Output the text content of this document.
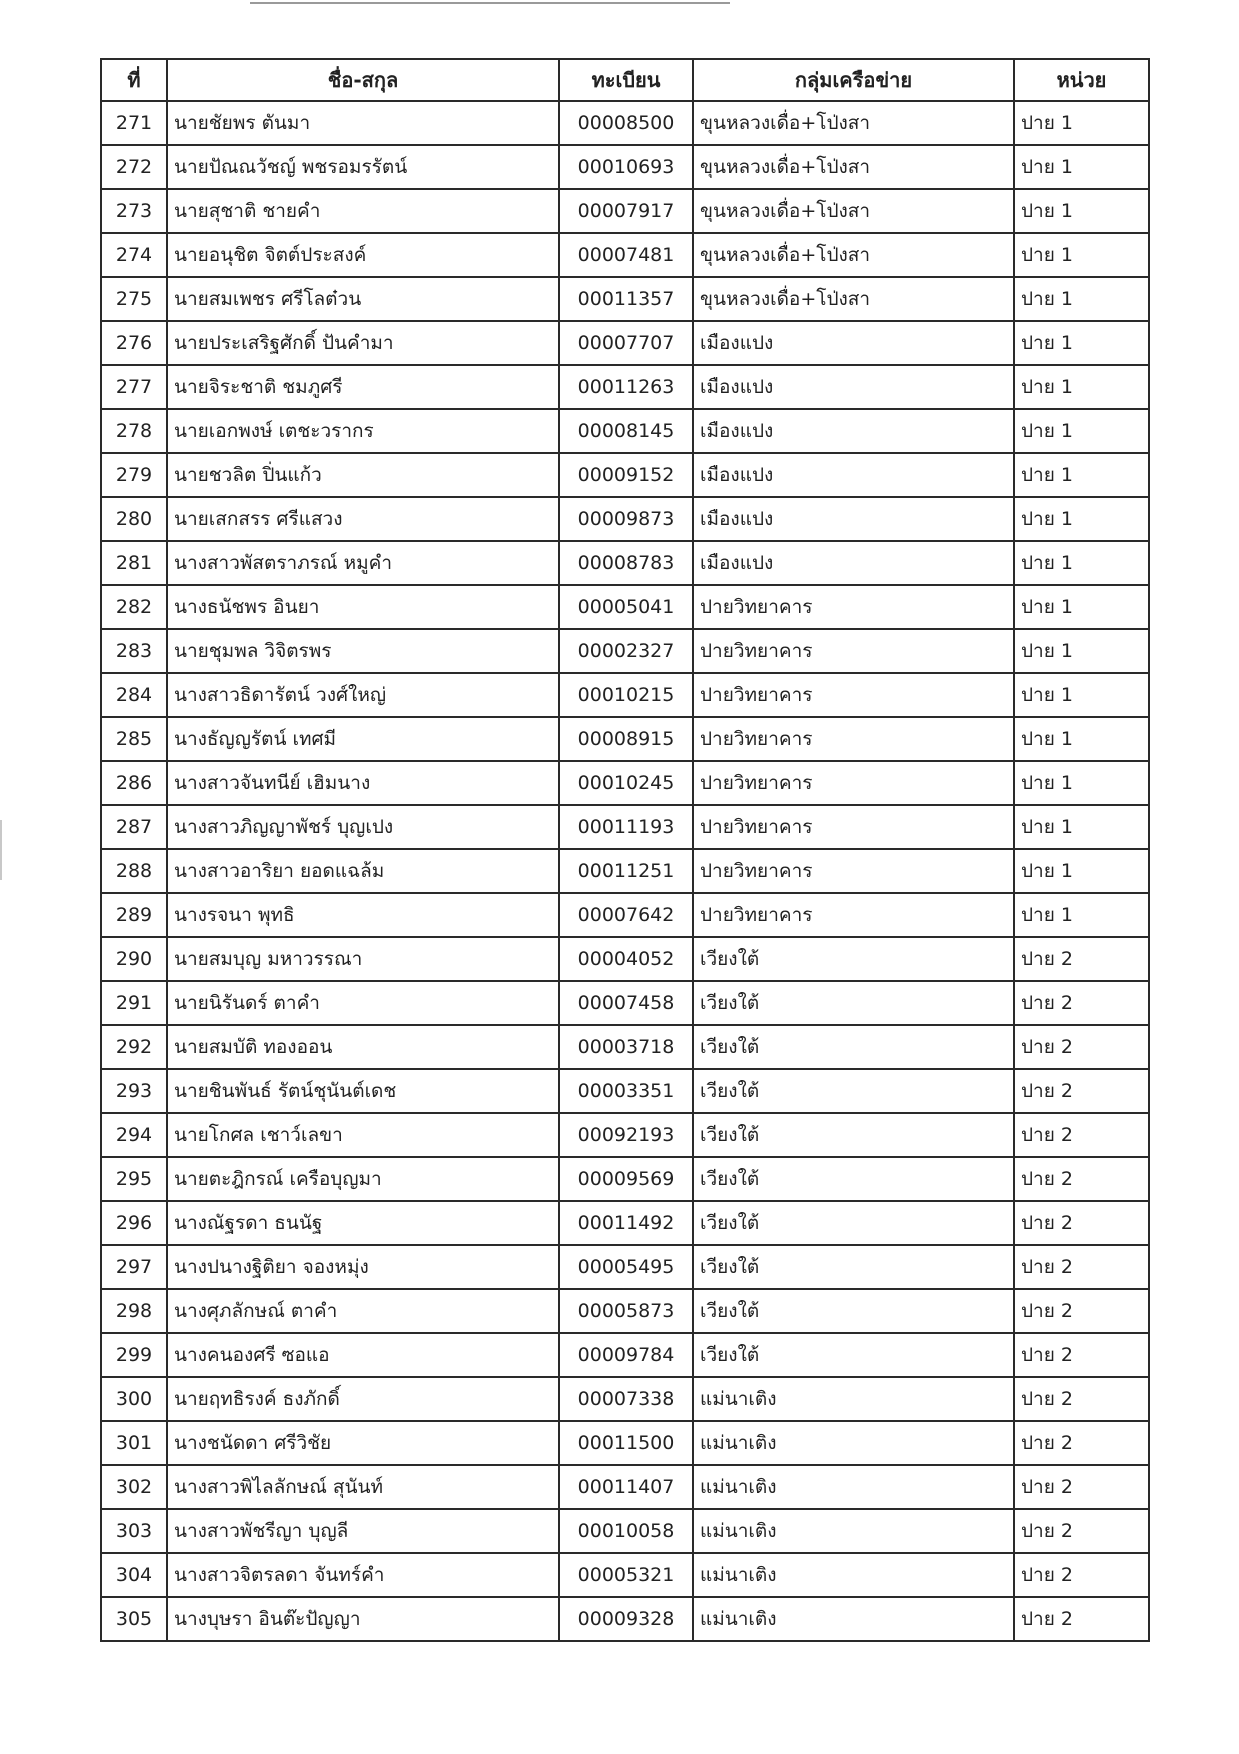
ที่	ชื่อ-สกุล	ทะเบียน	กลุ่มเครือข่าย	หน่วย
271	นายชัยพร ตันมา	00008500	ขุนหลวงเดื่อ+โป่งสา	ปาย 1
272	นายปัณณวัชญ์ พชรอมรรัตน์	00010693	ขุนหลวงเดื่อ+โป่งสา	ปาย 1
273	นายสุชาติ ชายคำ	00007917	ขุนหลวงเดื่อ+โป่งสา	ปาย 1
274	นายอนุชิต จิตต์ประสงค์	00007481	ขุนหลวงเดื่อ+โป่งสา	ปาย 1
275	นายสมเพชร ศรีโลต๋วน	00011357	ขุนหลวงเดื่อ+โป่งสา	ปาย 1
276	นายประเสริฐศักดิ์ ปันคำมา	00007707	เมืองแปง	ปาย 1
277	นายจิระชาติ ชมภูศรี	00011263	เมืองแปง	ปาย 1
278	นายเอกพงษ์ เตชะวรากร	00008145	เมืองแปง	ปาย 1
279	นายชวลิต ปิ่นแก้ว	00009152	เมืองแปง	ปาย 1
280	นายเสกสรร ศรีแสวง	00009873	เมืองแปง	ปาย 1
281	นางสาวพัสตราภรณ์ หมูคำ	00008783	เมืองแปง	ปาย 1
282	นางธนัชพร อินยา	00005041	ปายวิทยาคาร	ปาย 1
283	นายชุมพล วิจิตรพร	00002327	ปายวิทยาคาร	ปาย 1
284	นางสาวธิดารัตน์ วงศ์ใหญ่	00010215	ปายวิทยาคาร	ปาย 1
285	นางธัญญรัตน์ เทศมี	00008915	ปายวิทยาคาร	ปาย 1
286	นางสาวจันทนีย์ เฮิมนาง	00010245	ปายวิทยาคาร	ปาย 1
287	นางสาวภิญญาพัชร์ บุญเปง	00011193	ปายวิทยาคาร	ปาย 1
288	นางสาวอาริยา ยอดแฉล้ม	00011251	ปายวิทยาคาร	ปาย 1
289	นางรจนา พุทธิ	00007642	ปายวิทยาคาร	ปาย 1
290	นายสมบุญ มหาวรรณา	00004052	เวียงใต้	ปาย 2
291	นายนิรันดร์ ตาคำ	00007458	เวียงใต้	ปาย 2
292	นายสมบัติ ทองออน	00003718	เวียงใต้	ปาย 2
293	นายชินพันธ์ รัตน์ชุนันต์เดช	00003351	เวียงใต้	ปาย 2
294	นายโกศล เชาว์เลขา	00092193	เวียงใต้	ปาย 2
295	นายตะฎิกรณ์ เครือบุญมา	00009569	เวียงใต้	ปาย 2
296	นางณัฐรดา ธนนัฐ	00011492	เวียงใต้	ปาย 2
297	นางปนางฐิติยา จองหมุ่ง	00005495	เวียงใต้	ปาย 2
298	นางศุภลักษณ์ ตาคำ	00005873	เวียงใต้	ปาย 2
299	นางคนองศรี ซอแอ	00009784	เวียงใต้	ปาย 2
300	นายฤทธิรงค์ ธงภักดิ์	00007338	แม่นาเติง	ปาย 2
301	นางชนัดดา ศรีวิชัย	00011500	แม่นาเติง	ปาย 2
302	นางสาวพิไลลักษณ์ สุนันท์	00011407	แม่นาเติง	ปาย 2
303	นางสาวพัชรีญา บุญลี	00010058	แม่นาเติง	ปาย 2
304	นางสาวจิตรลดา จันทร์คำ	00005321	แม่นาเติง	ปาย 2
305	นางบุษรา อินต๊ะปัญญา	00009328	แม่นาเติง	ปาย 2
